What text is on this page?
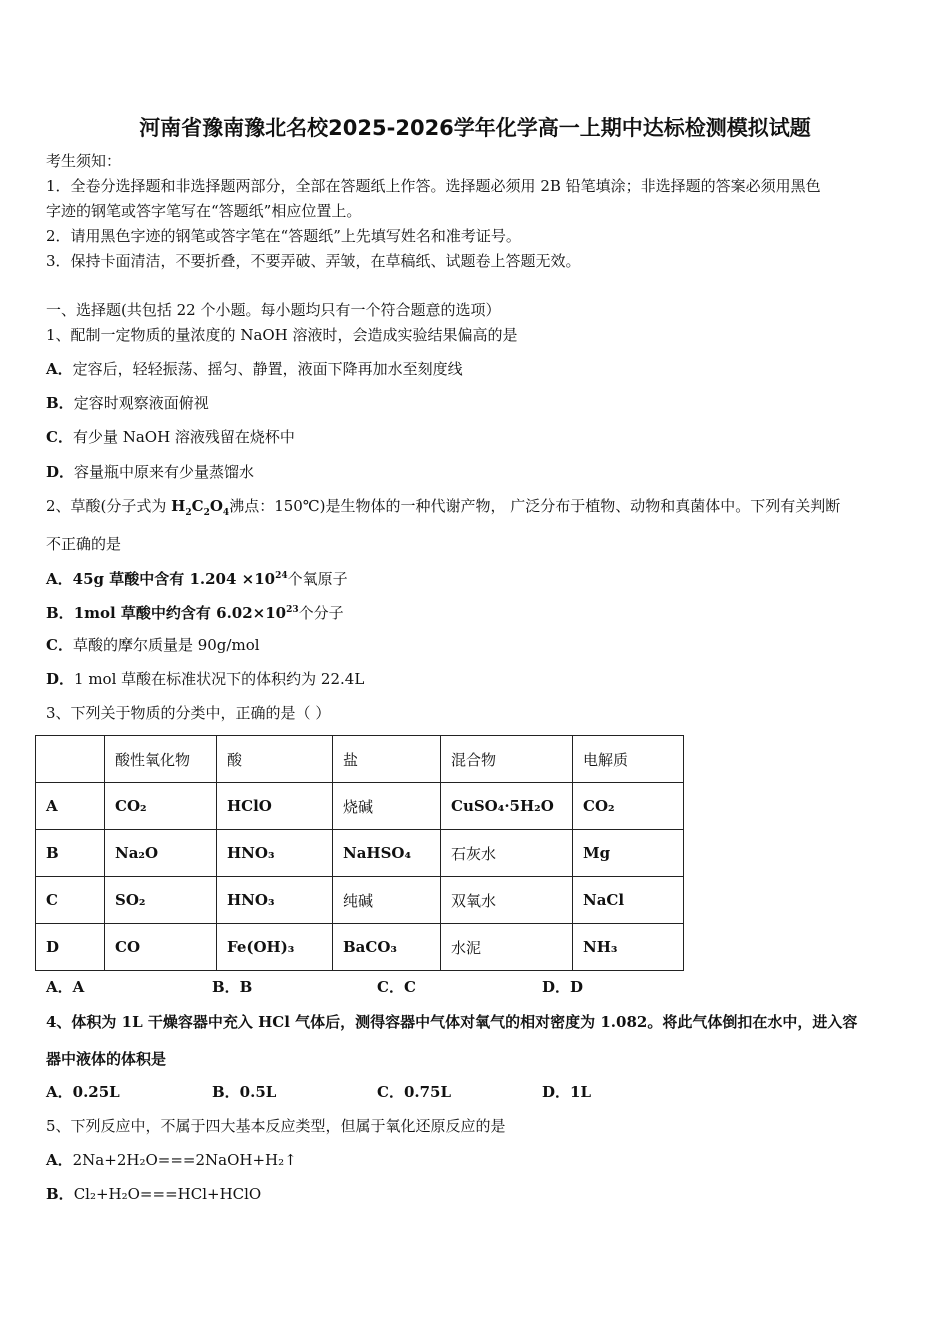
河南省豫南豫北名校2025-2026学年化学高一上期中达标检测模拟试题
考生须知：
1．全卷分选择题和非选择题两部分，全部在答题纸上作答。选择题必须用 2B 铅笔填涂；非选择题的答案必须用黑色
字迹的钢笔或答字笔写在“答题纸”相应位置上。
2．请用黑色字迹的钢笔或答字笔在“答题纸”上先填写姓名和准考证号。
3．保持卡面清洁，不要折叠，不要弄破、弄皱，在草稿纸、试题卷上答题无效。
一、选择题(共包括 22 个小题。每小题均只有一个符合题意的选项）
1、配制一定物质的量浓度的 NaOH 溶液时，会造成实验结果偏高的是
A．定容后，轻轻振荡、摇匀、静置，液面下降再加水至刻度线
B．定容时观察液面俯视
C．有少量 NaOH 溶液残留在烧杯中
D．容量瓶中原来有少量蒸馏水
2、草酸(分子式为 $H_2C_2O_4$沸点：150℃)是生物体的一种代谢产物， 广泛分布于植物、动物和真菌体中。下列有关判断
不正确的是
A．45g 草酸中含有 $1.204 \times 10^{24}$个氧原子
B．1mol 草酸中约含有 $6.02\times 10^{23}$个分子
C．草酸的摩尔质量是 90g/mol
D．1 mol 草酸在标准状况下的体积约为 22.4L
3、下列关于物质的分类中，正确的是（ ）
	酸性氧化物	酸	盐	混合物	电解质
A	CO₂	HClO	烧碱	CuSO₄·5H₂O	CO₂
B	Na₂O	HNO₃	NaHSO₄	石灰水	Mg
C	SO₂	HNO₃	纯碱	双氧水	NaCl
D	CO	Fe(OH)₃	BaCO₃	水泥	NH₃
A．A	B．B	C．C	D．D
4、体积为 1L 干燥容器中充入 HCl 气体后，测得容器中气体对氧气的相对密度为 1.082。将此气体倒扣在水中，进入容
器中液体的体积是
A．0.25L	B．0.5L	C．0.75L	D．1L
5、下列反应中，不属于四大基本反应类型，但属于氧化还原反应的是
A．2Na+2H₂O===2NaOH+H₂↑
B．Cl₂+H₂O===HCl+HClO
